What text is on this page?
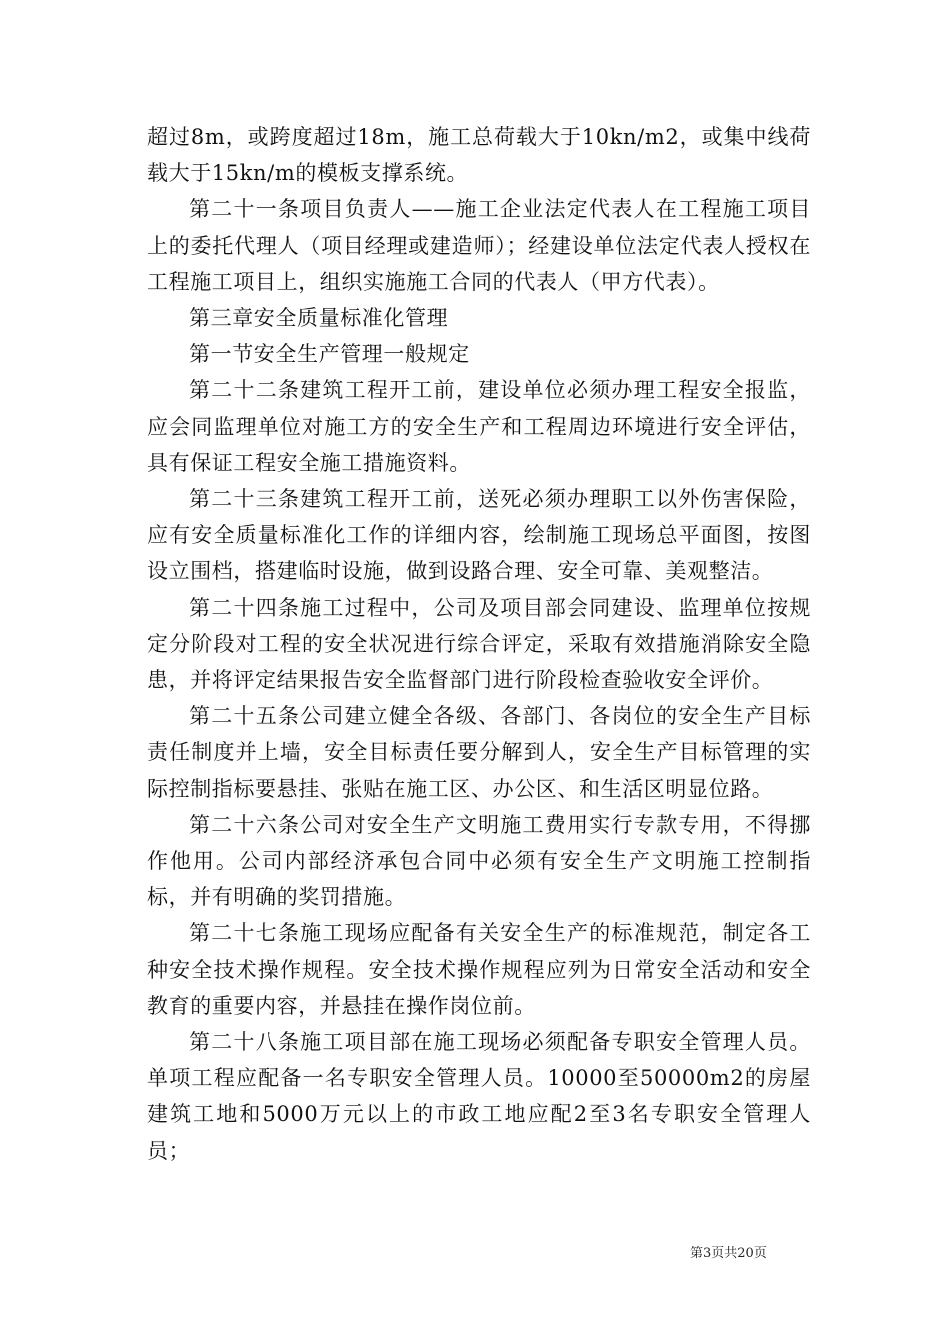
超过8m，或跨度超过18m，施工总荷载大于10kn/m2，或集中线荷载大于15kn/m的模板支撑系统。

第二十一条项目负责人——施工企业法定代表人在工程施工项目上的委托代理人（项目经理或建造师）；经建设单位法定代表人授权在工程施工项目上，组织实施施工合同的代表人（甲方代表）。

第三章安全质量标准化管理

第一节安全生产管理一般规定

第二十二条建筑工程开工前，建设单位必须办理工程安全报监，应会同监理单位对施工方的安全生产和工程周边环境进行安全评估，具有保证工程安全施工措施资料。

第二十三条建筑工程开工前，送死必须办理职工以外伤害保险，应有安全质量标准化工作的详细内容，绘制施工现场总平面图，按图设立围档，搭建临时设施，做到设路合理、安全可靠、美观整洁。

第二十四条施工过程中，公司及项目部会同建设、监理单位按规定分阶段对工程的安全状况进行综合评定，采取有效措施消除安全隐患，并将评定结果报告安全监督部门进行阶段检查验收安全评价。

第二十五条公司建立健全各级、各部门、各岗位的安全生产目标责任制度并上墙，安全目标责任要分解到人，安全生产目标管理的实际控制指标要悬挂、张贴在施工区、办公区、和生活区明显位路。

第二十六条公司对安全生产文明施工费用实行专款专用，不得挪作他用。公司内部经济承包合同中必须有安全生产文明施工控制指标，并有明确的奖罚措施。

第二十七条施工现场应配备有关安全生产的标准规范，制定各工种安全技术操作规程。安全技术操作规程应列为日常安全活动和安全教育的重要内容，并悬挂在操作岗位前。

第二十八条施工项目部在施工现场必须配备专职安全管理人员。单项工程应配备一名专职安全管理人员。10000至50000m2的房屋建筑工地和5000万元以上的市政工地应配2至3名专职安全管理人员；

第3页共20页
